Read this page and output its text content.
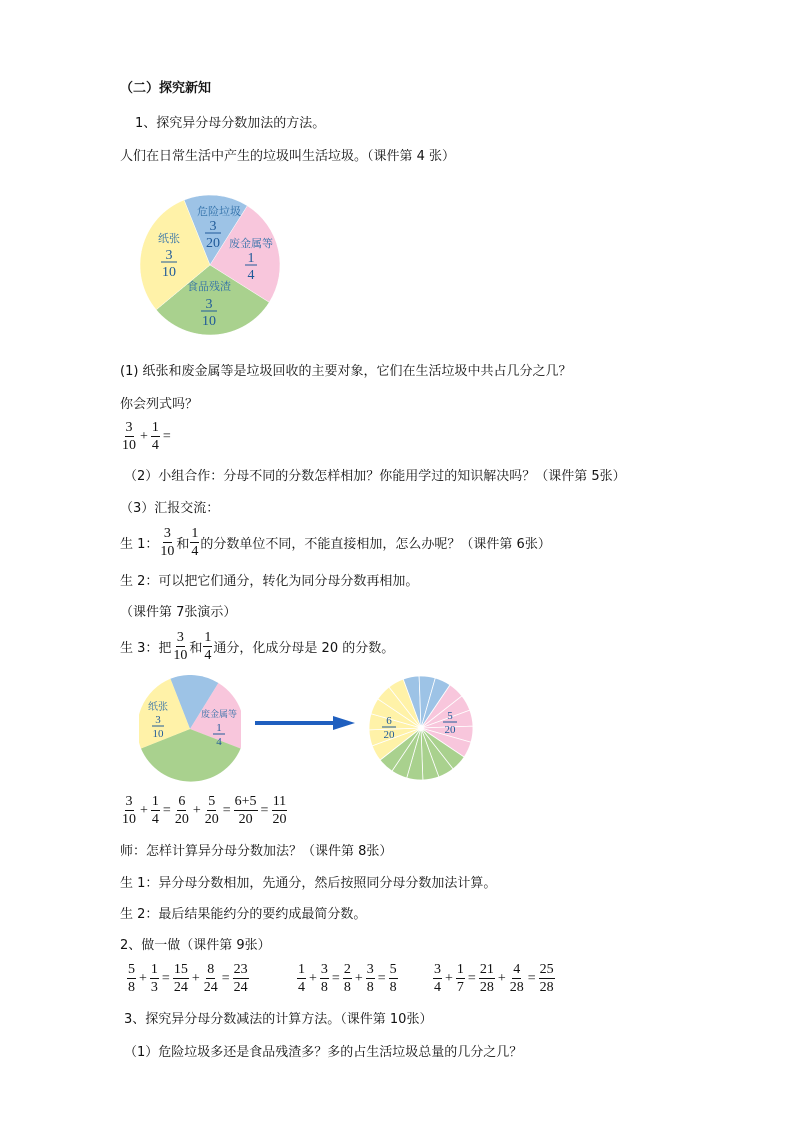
（二）探究新知
1、探究异分母分数加法的方法。
人们在日常生活中产生的垃圾叫生活垃圾。（课件第 4 张）
危险垃圾
3
20 废金属等
1
4
食品残渣
3
10
纸张
3
10
(1) 纸张和废金属等是垃圾回收的主要对象，它们在生活垃圾中共占几分之几？
你会列式吗？
$\frac{3}{10} + \frac{1}{4}$ =
（2）小组合作：分母不同的分数怎样相加？你能用学过的知识解决吗？（课件第 5张）
（3）汇报交流：
生 1： $\frac{3}{10}$ 和 $\frac{1}{4}$ 的分数单位不同，不能直接相加，怎么办呢？（课件第 6张）
生 2：可以把它们通分，转化为同分母分数再相加。
（课件第 7张演示）
生 3：把 $\frac{3}{10}$ 和 $\frac{1}{4}$ 通分，化成分母是 20 的分数。
纸张
3
10
废金属等
1
4
6
20
5
20
$\frac{3}{10} + \frac{1}{4} = \frac{6}{20} + \frac{5}{20} = \frac{6+5}{20} = \frac{11}{20}$
师：怎样计算异分母分数加法？（课件第 8张）
生 1：异分母分数相加，先通分，然后按照同分母分数加法计算。
生 2：最后结果能约分的要约成最简分数。
2、做一做（课件第 9张）
$\frac{5}{8} + \frac{1}{3} = \frac{15}{24} + \frac{8}{24} = \frac{23}{24}$	$\frac{1}{4} + \frac{3}{8} = \frac{2}{8} + \frac{3}{8} = \frac{5}{8}$	$\frac{3}{4} + \frac{1}{7} = \frac{21}{28} + \frac{4}{28} = \frac{25}{28}$
3、探究异分母分数减法的计算方法。（课件第 10张）
（1）危险垃圾多还是食品残渣多？多的占生活垃圾总量的几分之几？
